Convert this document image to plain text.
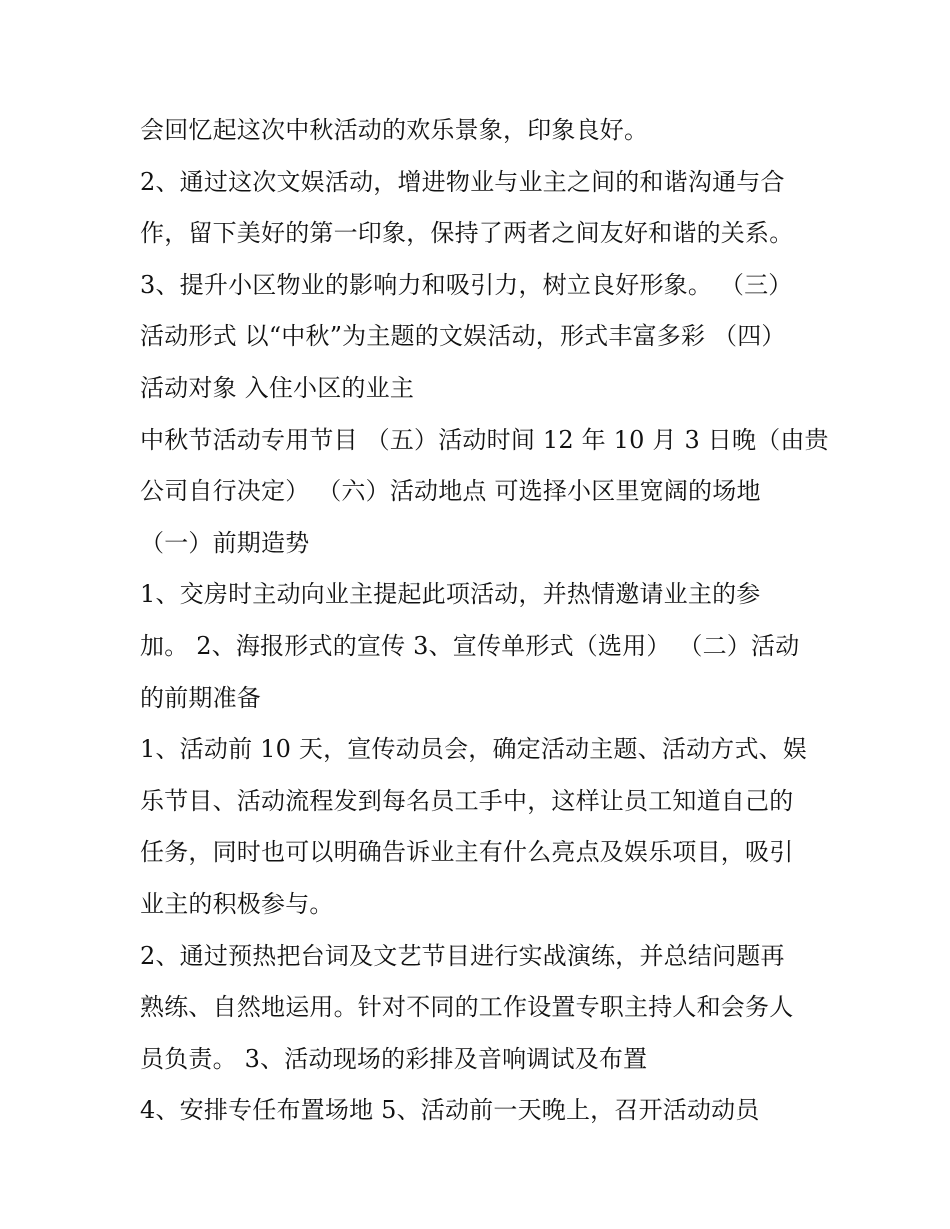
会回忆起这次中秋活动的欢乐景象，印象良好。
2、通过这次文娱活动，增进物业与业主之间的和谐沟通与合
作，留下美好的第一印象，保持了两者之间友好和谐的关系。
3、提升小区物业的影响力和吸引力，树立良好形象。 （三）
活动形式 以“中秋”为主题的文娱活动，形式丰富多彩 （四）
活动对象 入住小区的业主
中秋节活动专用节目 （五）活动时间 12 年 10 月 3 日晚（由贵
公司自行决定） （六）活动地点 可选择小区里宽阔的场地
（一）前期造势
1、交房时主动向业主提起此项活动，并热情邀请业主的参
加。 2、海报形式的宣传 3、宣传单形式（选用） （二）活动
的前期准备
1、活动前 10 天，宣传动员会，确定活动主题、活动方式、娱
乐节目、活动流程发到每名员工手中，这样让员工知道自己的
任务，同时也可以明确告诉业主有什么亮点及娱乐项目，吸引
业主的积极参与。
2、通过预热把台词及文艺节目进行实战演练，并总结问题再
熟练、自然地运用。针对不同的工作设置专职主持人和会务人
员负责。 3、活动现场的彩排及音响调试及布置
4、安排专任布置场地 5、活动前一天晚上，召开活动动员
